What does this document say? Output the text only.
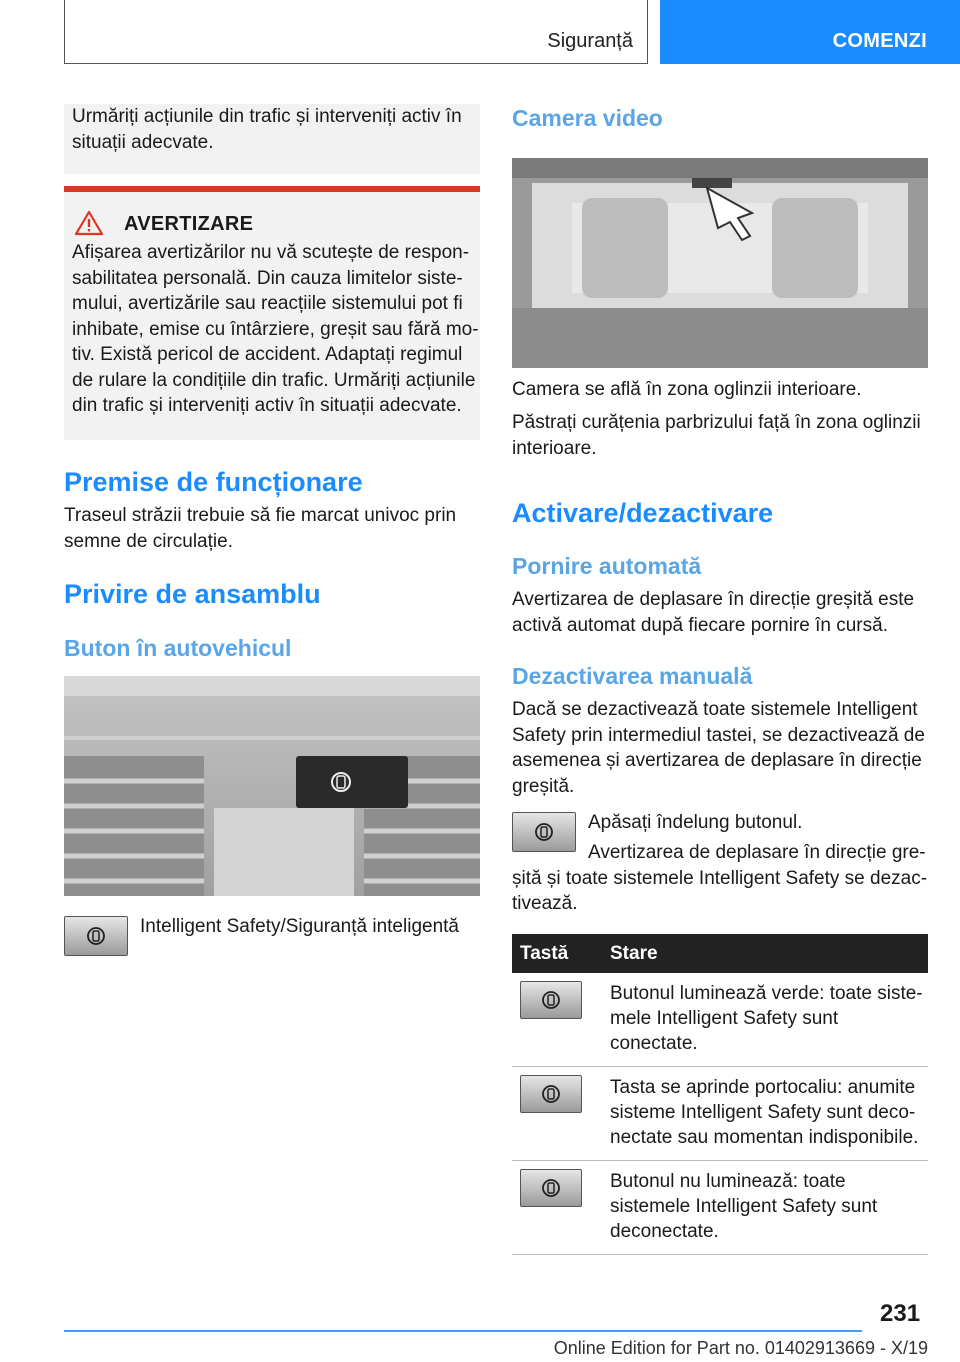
Siguranță	COMENZI

Urmăriți acțiunile din trafic și interveniți activ în situații adecvate.

AVERTIZARE

Afișarea avertizărilor nu vă scutește de respon-

sabilitatea personală. Din cauza limitelor siste-

mului, avertizările sau reacțiile sistemului pot fi

inhibate, emise cu întârziere, greșit sau fără mo-

tiv. Există pericol de accident. Adaptați regimul

de rulare la condițiile din trafic. Urmăriți acțiunile

din trafic și interveniți activ în situații adecvate.

Premise de funcționare

Traseul străzii trebuie să fie marcat univoc prin semne de circulație.

Privire de ansamblu
Buton în autovehicul

Intelligent Safety/Siguranță inteligentă

Camera video

Camera se află în zona oglinzii interioare.

Păstrați curățenia parbrizului față în zona oglinzii interioare.

Activare/dezactivare
Pornire automată

Avertizarea de deplasare în direcție greșită este activă automat după fiecare pornire în cursă.

Dezactivarea manuală

Dacă se dezactivează toate sistemele Intelligent Safety prin intermediul tastei, se dezactivează de asemenea și avertizarea de deplasare în direcție greșită.

Apăsați îndelung butonul.

Avertizarea de deplasare în direcție gre-șită și toate sistemele Intelligent Safety se dezac-tivează.

Tastă	Stare

	Butonul luminează verde: toate siste-mele Intelligent Safety sunt conectate.

	Tasta se aprinde portocaliu: anumite sisteme Intelligent Safety sunt deco-nectate sau momentan indisponibile.

	Butonul nu luminează: toate sistemele Intelligent Safety sunt deconectate.
231
Online Edition for Part no. 01402913669 - X/19
